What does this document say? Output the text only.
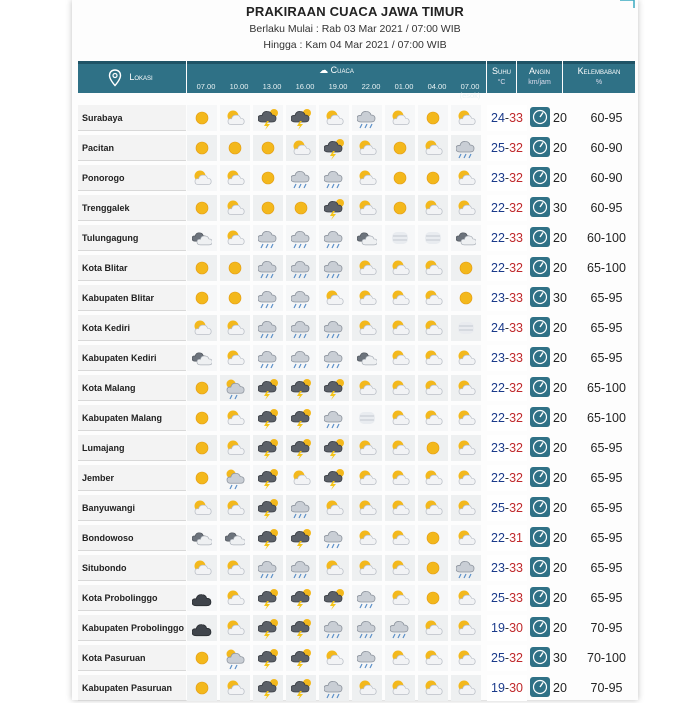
PRAKIRAAN CUACA JAWA TIMUR
Berlaku Mulai : Rab 03 Mar 2021 / 07:00 WIB
Hingga : Kam 04 Mar 2021 / 07:00 WIB
Lokasi
☁ Cuaca
07.00	10.00	13.00	16.00	19.00	22.00	01.00	04.00	07.00 (esok)
Suhu
°C
Angin
km/jam
Kelembaban
%
Surabaya	24-33	20	60-95
Pacitan	25-32	20	60-90
Ponorogo	23-32	20	60-90
Trenggalek	22-32	30	60-95
Tulungagung	22-33	20	60-100
Kota Blitar	22-32	20	65-100
Kabupaten Blitar	23-33	30	65-95
Kota Kediri	24-33	20	65-95
Kabupaten Kediri	23-33	20	65-95
Kota Malang	22-32	20	65-100
Kabupaten Malang	22-32	20	65-100
Lumajang	23-32	20	65-95
Jember	22-32	20	65-95
Banyuwangi	25-32	20	65-95
Bondowoso	22-31	20	65-95
Situbondo	23-33	20	65-95
Kota Probolinggo	25-33	20	65-95
Kabupaten Probolinggo	19-30	20	70-95
Kota Pasuruan	25-32	30	70-100
Kabupaten Pasuruan	19-30	20	70-95
